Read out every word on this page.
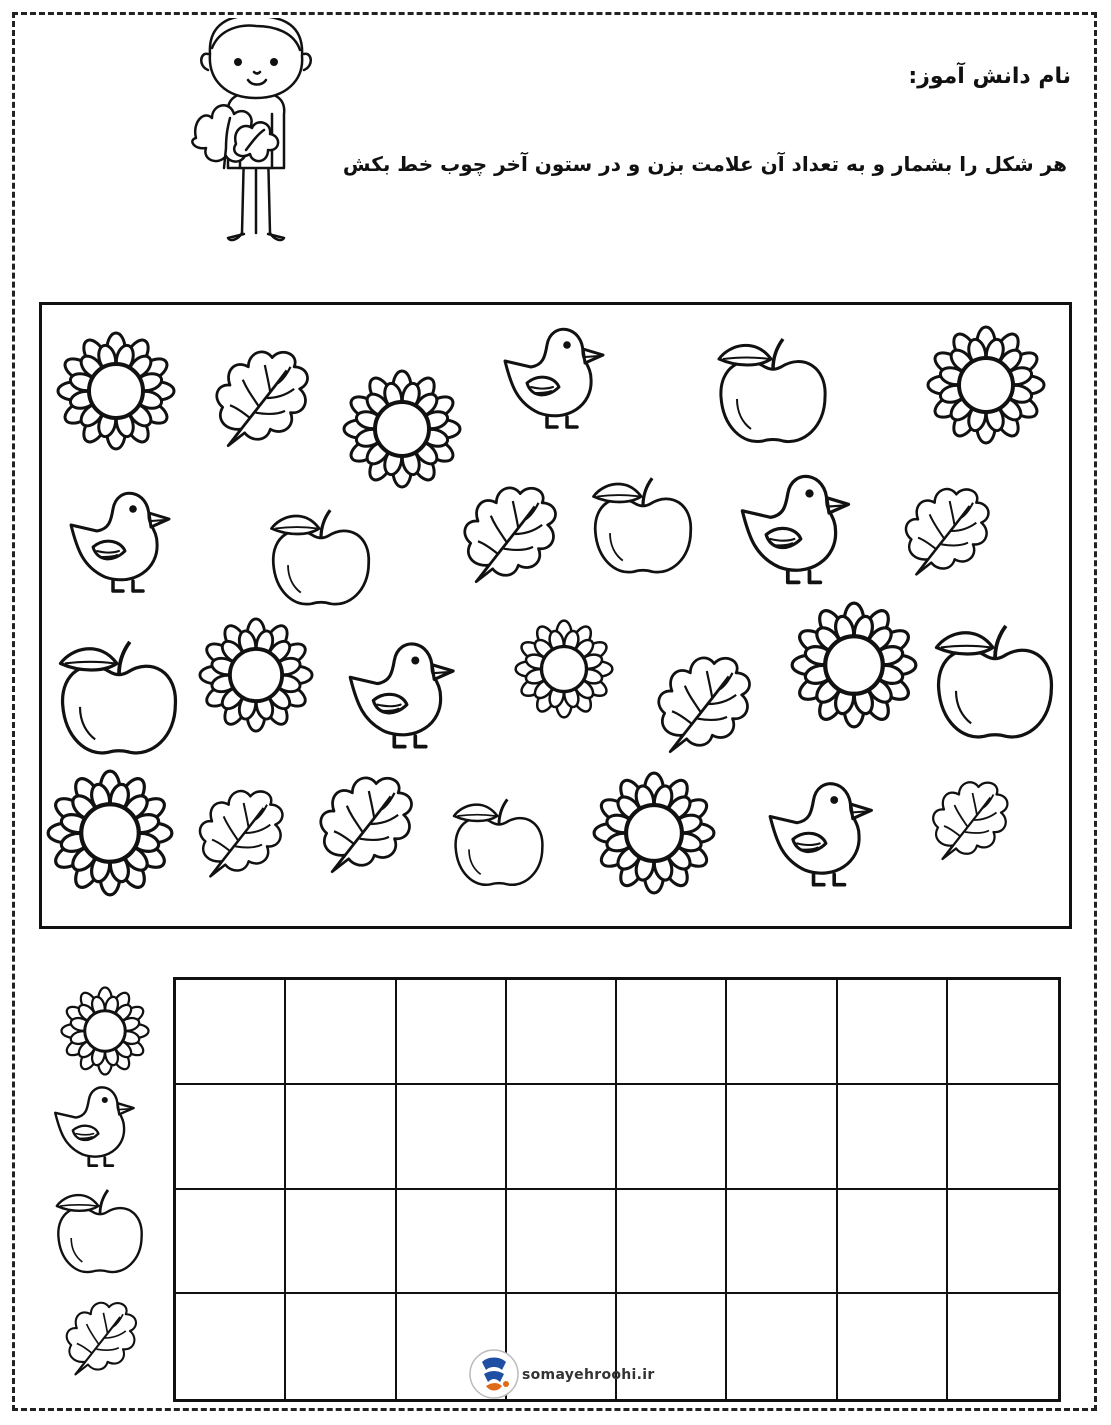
نام دانش آموز:
هر شکل را بشمار و به تعداد آن علامت بزن و در ستون آخر چوب خط بکش
somayehroohi.ir
